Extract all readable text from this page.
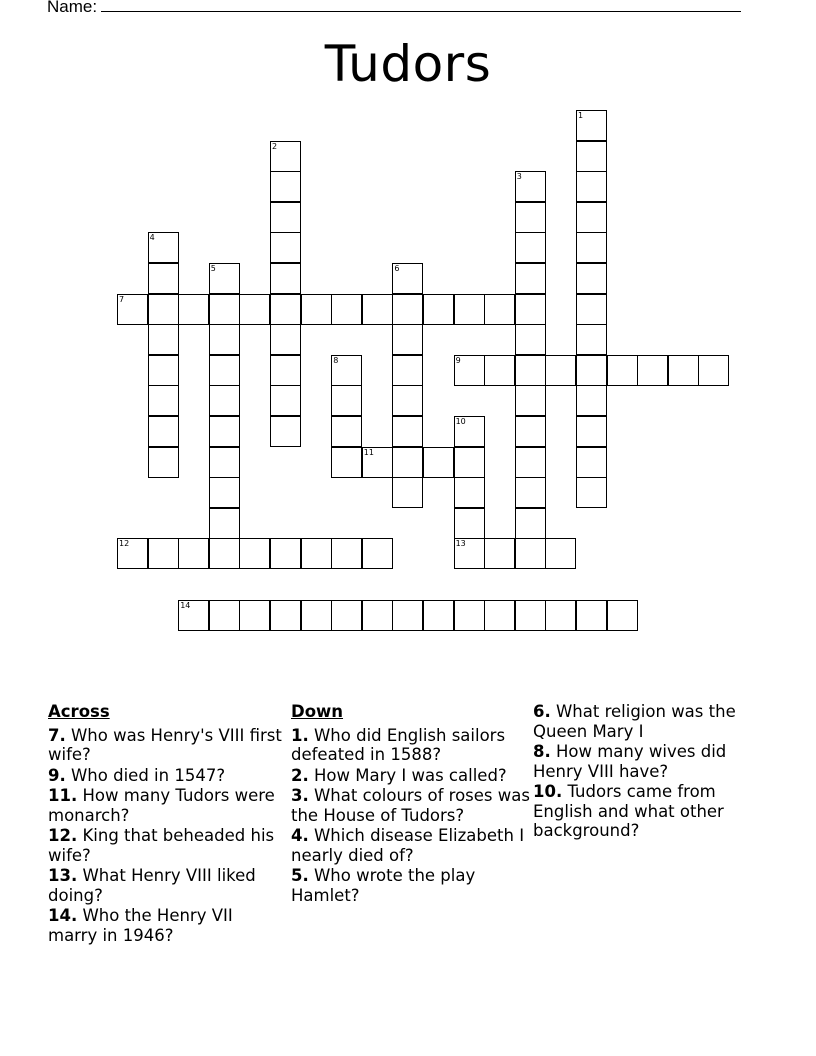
Name:
Tudors
1
2
3
4
5	6
7
8	9
10
13
11
12
14
Across
7. Who was Henry's VIII first wife?
9. Who died in 1547?
11. How many Tudors were monarch?
12. King that beheaded his wife?
13. What Henry VIII liked doing?
14. Who the Henry VII marry in 1946?
Down
1. Who did English sailors defeated in 1588?
2. How Mary I was called?
3. What colours of roses was the House of Tudors?
4. Which disease Elizabeth I nearly died of?
5. Who wrote the play Hamlet?
6. What religion was the Queen Mary I
8. How many wives did Henry VIII have?
10. Tudors came from English and what other background?
